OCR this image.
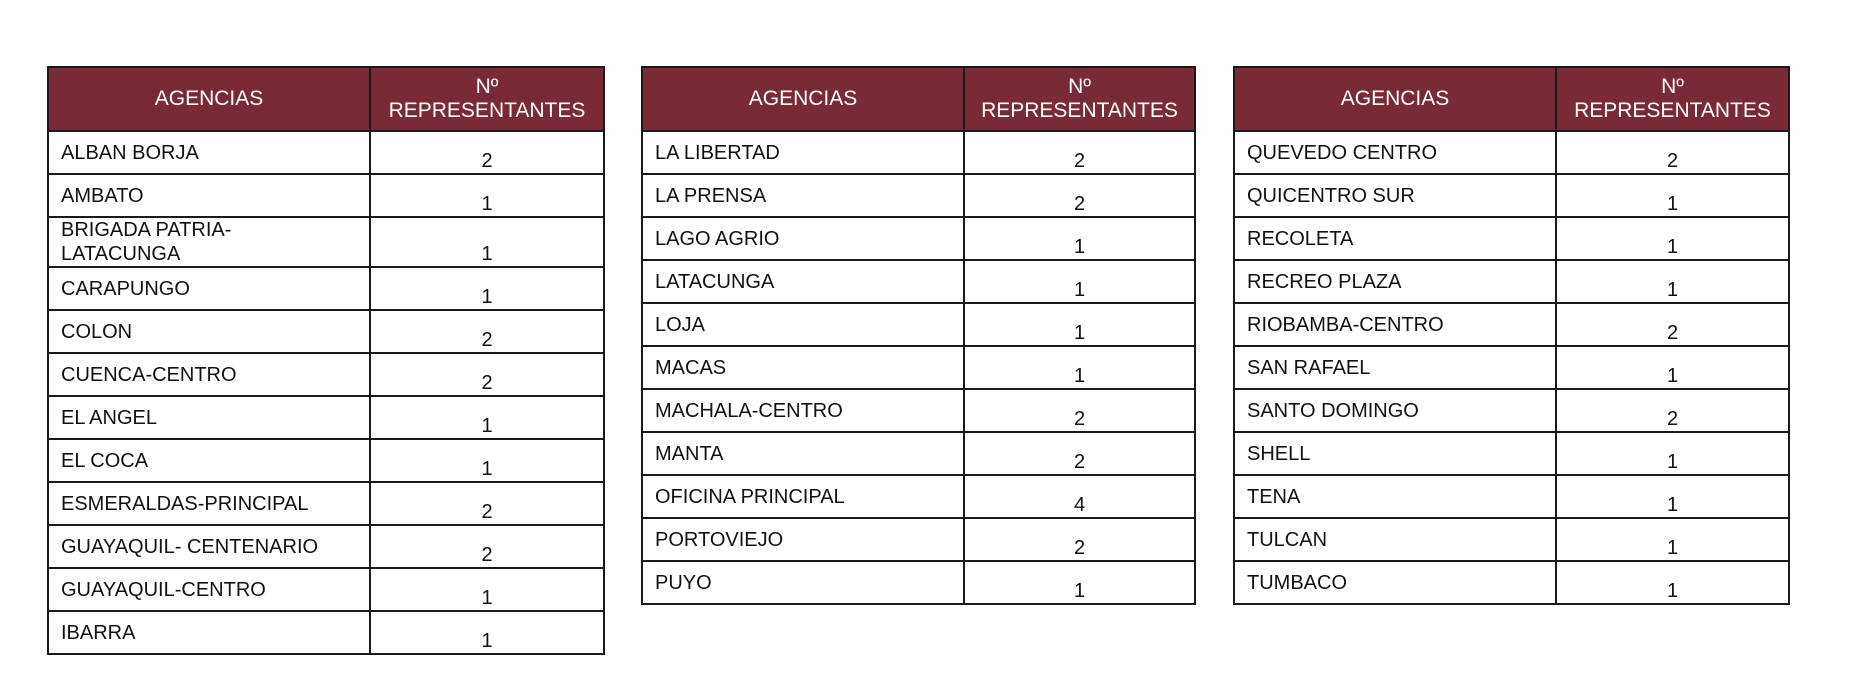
AGENCIAS	Nº
REPRESENTANTES
ALBAN BORJA	2
AMBATO	1
BRIGADA PATRIA-
LATACUNGA	1
CARAPUNGO	1
COLON	2
CUENCA-CENTRO	2
EL ANGEL	1
EL COCA	1
ESMERALDAS-PRINCIPAL	2
GUAYAQUIL- CENTENARIO	2
GUAYAQUIL-CENTRO	1
IBARRA	1
AGENCIAS	Nº
REPRESENTANTES
LA LIBERTAD	2
LA PRENSA	2
LAGO AGRIO	1
LATACUNGA	1
LOJA	1
MACAS	1
MACHALA-CENTRO	2
MANTA	2
OFICINA PRINCIPAL	4
PORTOVIEJO	2
PUYO	1
AGENCIAS	Nº
REPRESENTANTES
QUEVEDO CENTRO	2
QUICENTRO SUR	1
RECOLETA	1
RECREO PLAZA	1
RIOBAMBA-CENTRO	2
SAN RAFAEL	1
SANTO DOMINGO	2
SHELL	1
TENA	1
TULCAN	1
TUMBACO	1
